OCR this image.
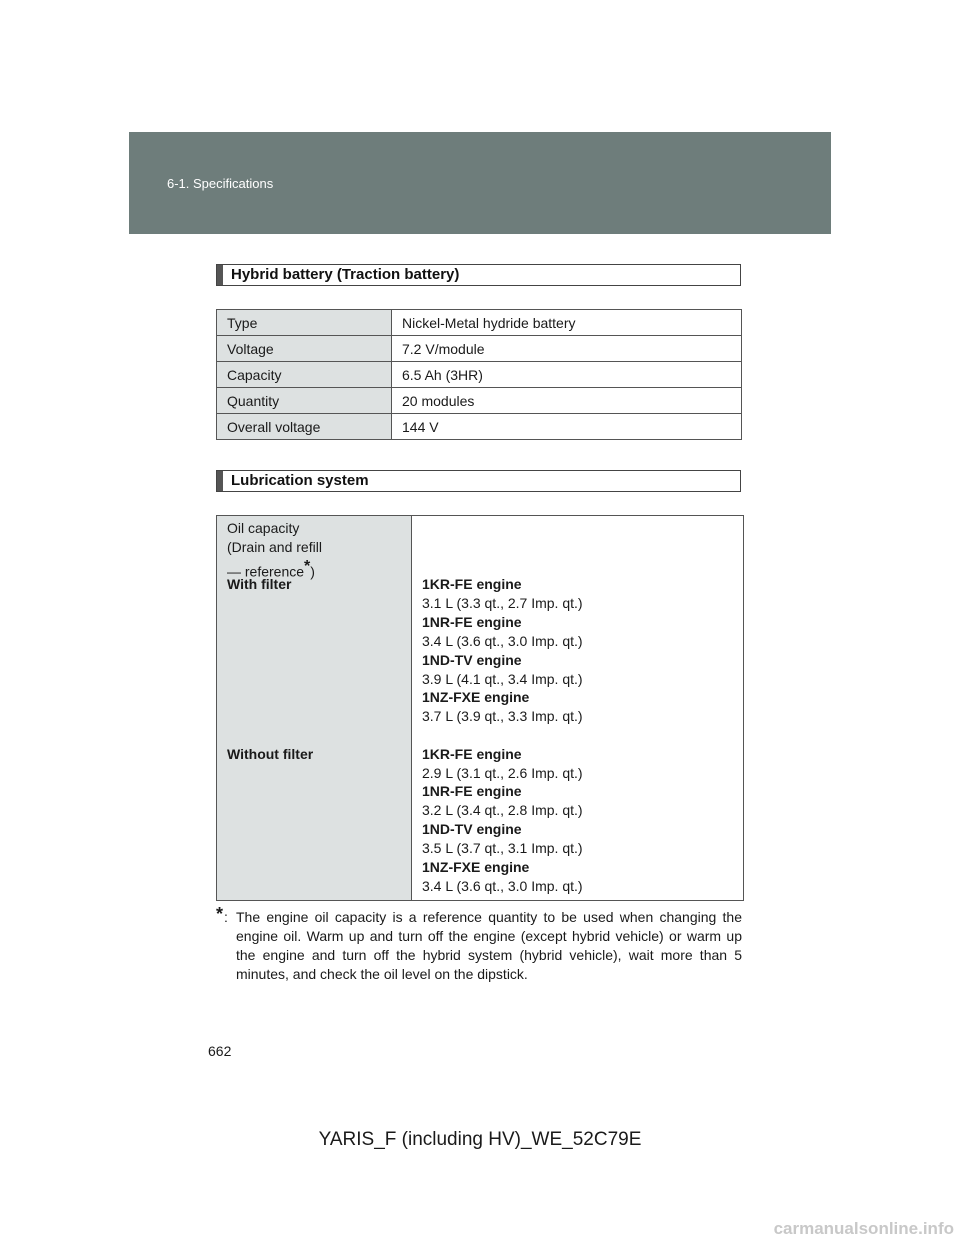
6-1. Specifications
Hybrid battery (Traction battery)
Type	Nickel-Metal hydride battery
Voltage	7.2 V/module
Capacity	6.5 Ah (3HR)
Quantity	20 modules
Overall voltage	144 V
Lubrication system
Oil capacity
(Drain and refill
— reference*)
With filter	1KR-FE engine
3.1 L (3.3 qt., 2.7 Imp. qt.)
1NR-FE engine
3.4 L (3.6 qt., 3.0 Imp. qt.)
1ND-TV engine
3.9 L (4.1 qt., 3.4 Imp. qt.)
1NZ-FXE engine
3.7 L (3.9 qt., 3.3 Imp. qt.)
Without filter	1KR-FE engine
2.9 L (3.1 qt., 2.6 Imp. qt.)
1NR-FE engine
3.2 L (3.4 qt., 2.8 Imp. qt.)
1ND-TV engine
3.5 L (3.7 qt., 3.1 Imp. qt.)
1NZ-FXE engine
3.4 L (3.6 qt., 3.0 Imp. qt.)
* : The engine oil capacity is a reference quantity to be used when changing the engine oil. Warm up and turn off the engine (except hybrid vehicle) or warm up the engine and turn off the hybrid system (hybrid vehicle), wait more than 5 minutes, and check the oil level on the dipstick.
662
YARIS_F (including HV)_WE_52C79E
carmanualsonline.info
